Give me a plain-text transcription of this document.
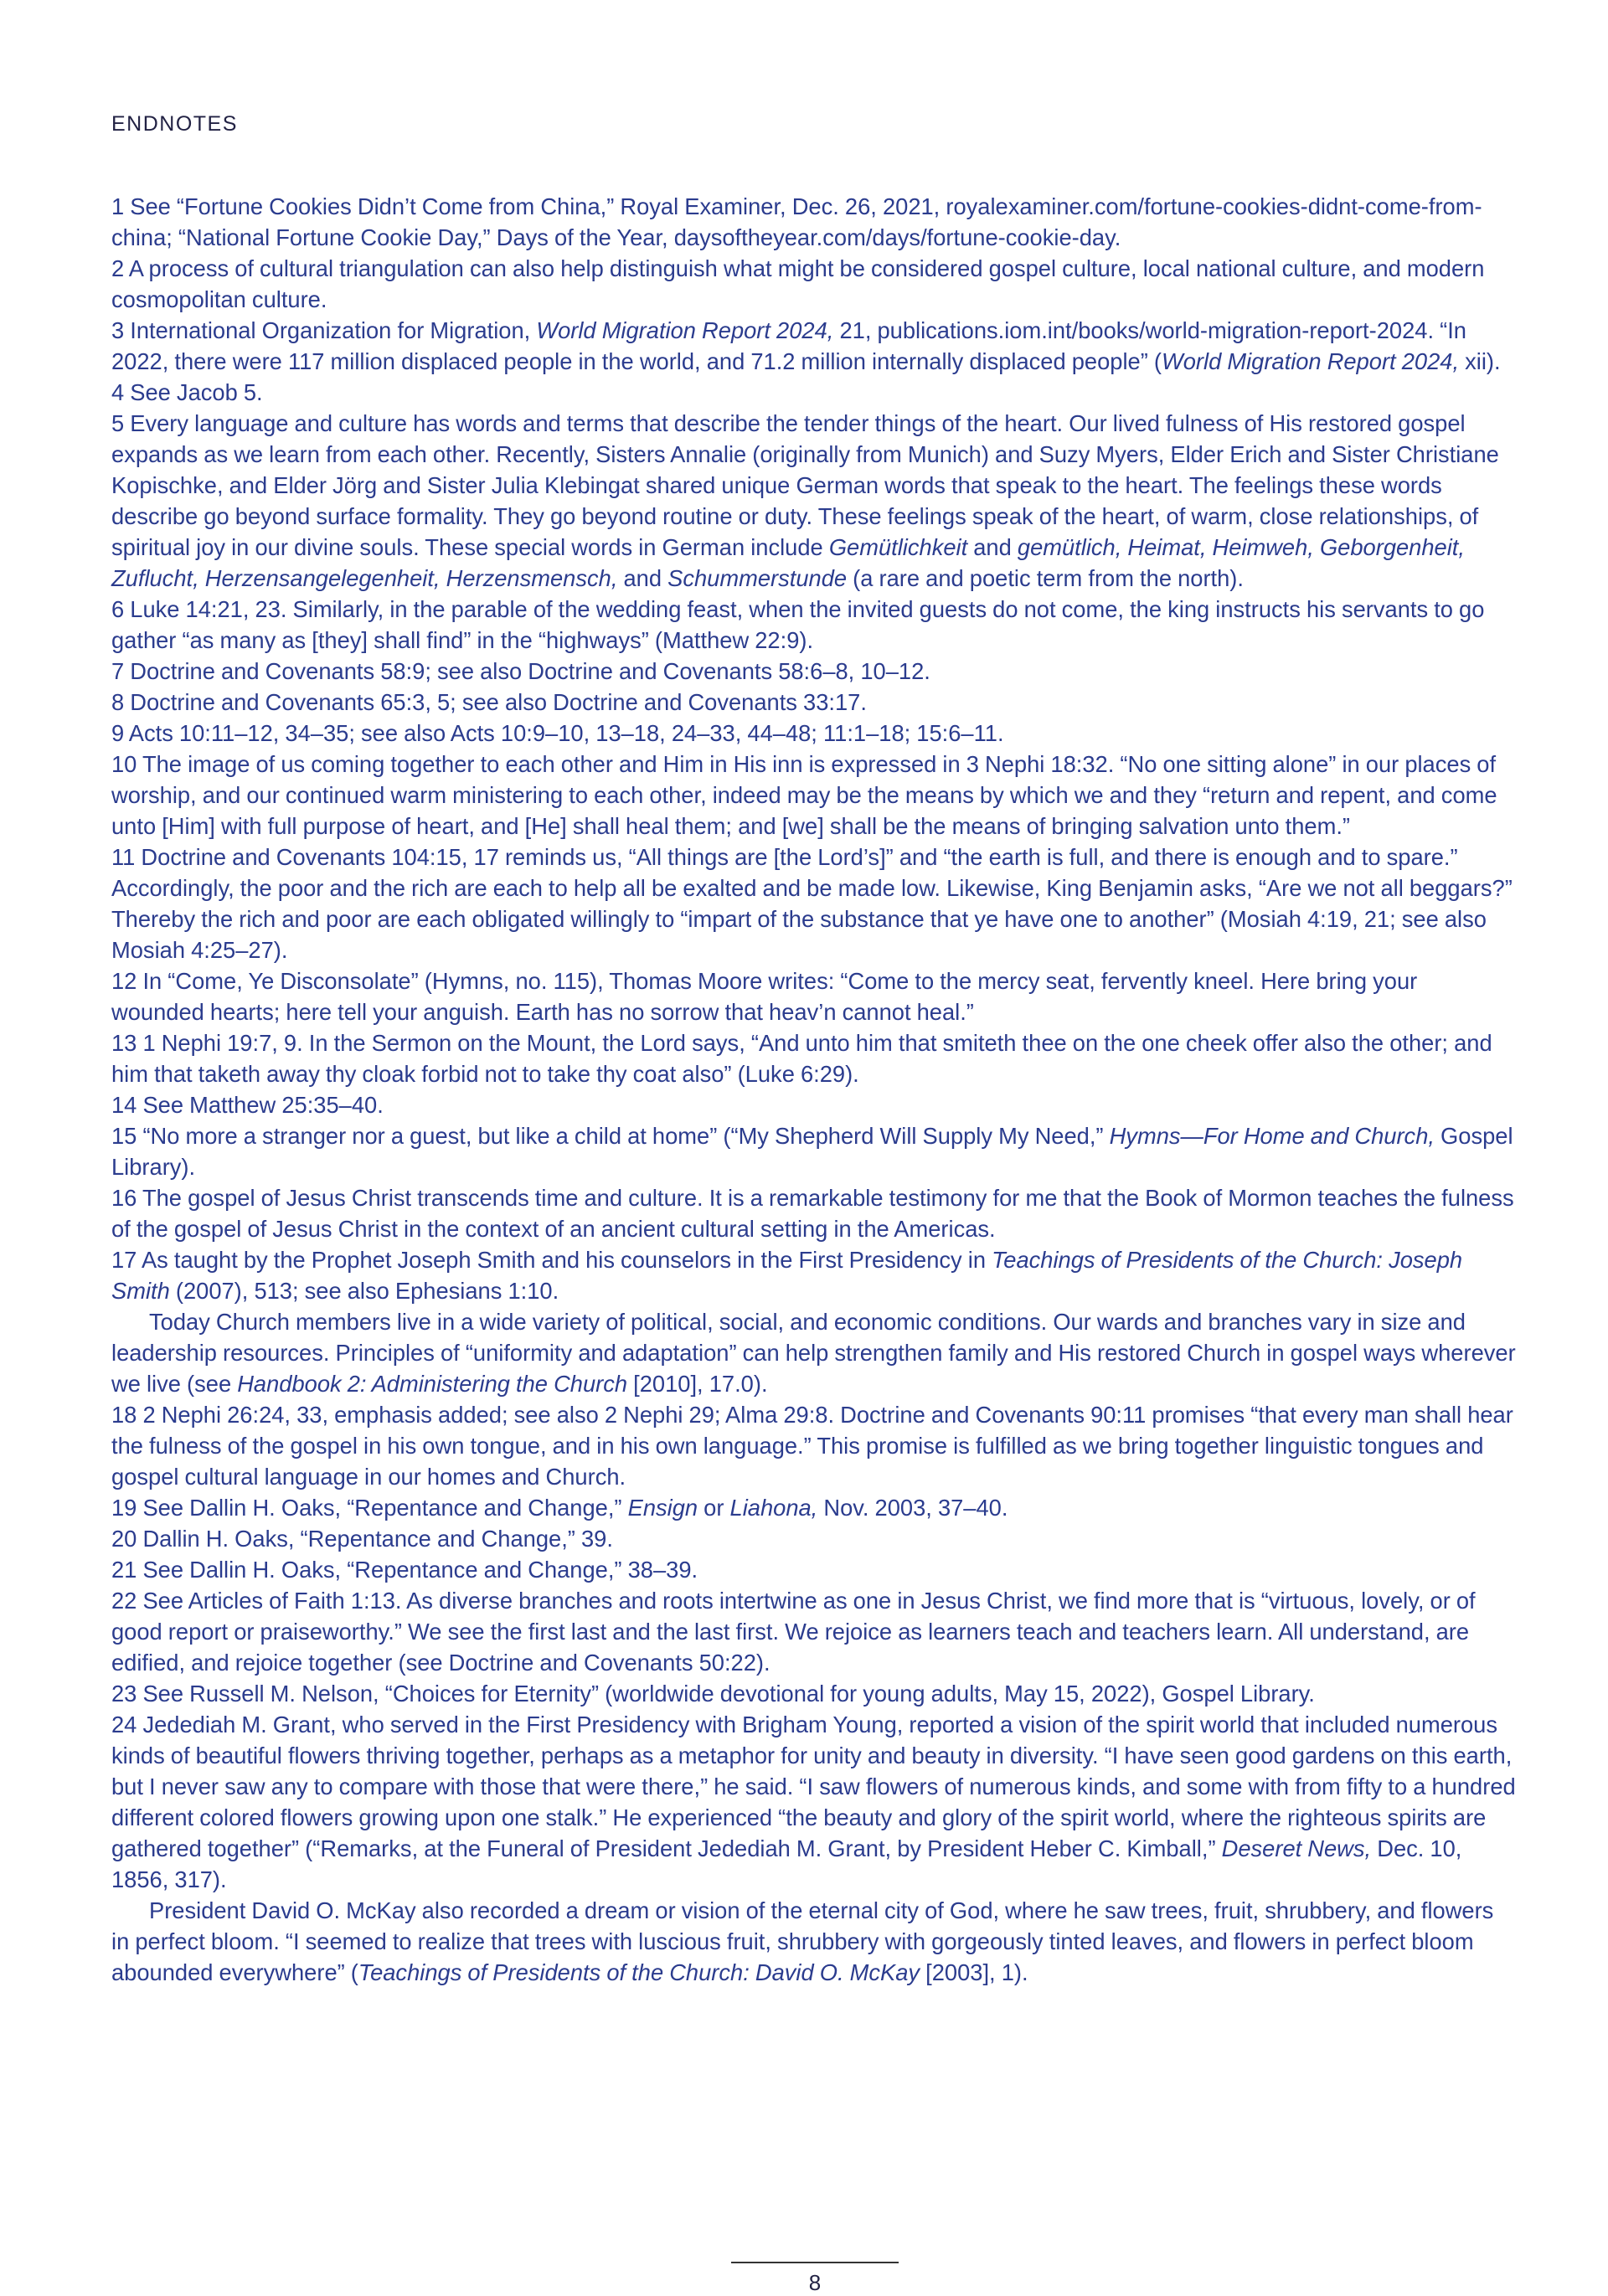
ENDNOTES

1 See “Fortune Cookies Didn’t Come from China,” Royal Examiner, Dec. 26, 2021, royalexaminer.com/fortune-cookies-didnt-come-from-china; “National Fortune Cookie Day,” Days of the Year, daysoftheyear.com/days/fortune-cookie-day.

2 A process of cultural triangulation can also help distinguish what might be considered gospel culture, local national culture, and modern cosmopolitan culture.

3 International Organization for Migration, World Migration Report 2024, 21, publications.iom.int/books/world-migration-report-2024. “In 2022, there were 117 million displaced people in the world, and 71.2 million internally displaced people” (World Migration Report 2024, xii).

4 See Jacob 5.

5 Every language and culture has words and terms that describe the tender things of the heart. Our lived fulness of His restored gospel expands as we learn from each other. Recently, Sisters Annalie (originally from Munich) and Suzy Myers, Elder Erich and Sister Christiane Kopischke, and Elder Jörg and Sister Julia Klebingat shared unique German words that speak to the heart. The feelings these words describe go beyond surface formality. They go beyond routine or duty. These feelings speak of the heart, of warm, close relationships, of spiritual joy in our divine souls. These special words in German include Gemütlichkeit and gemütlich, Heimat, Heimweh, Geborgenheit, Zuflucht, Herzensangelegenheit, Herzensmensch, and Schummerstunde (a rare and poetic term from the north).

6 Luke 14:21, 23. Similarly, in the parable of the wedding feast, when the invited guests do not come, the king instructs his servants to go gather “as many as [they] shall find” in the “highways” (Matthew 22:9).

7 Doctrine and Covenants 58:9; see also Doctrine and Covenants 58:6–8, 10–12.

8 Doctrine and Covenants 65:3, 5; see also Doctrine and Covenants 33:17.

9 Acts 10:11–12, 34–35; see also Acts 10:9–10, 13–18, 24–33, 44–48; 11:1–18; 15:6–11.

10 The image of us coming together to each other and Him in His inn is expressed in 3 Nephi 18:32. “No one sitting alone” in our places of worship, and our continued warm ministering to each other, indeed may be the means by which we and they “return and repent, and come unto [Him] with full purpose of heart, and [He] shall heal them; and [we] shall be the means of bringing salvation unto them.”

11 Doctrine and Covenants 104:15, 17 reminds us, “All things are [the Lord’s]” and “the earth is full, and there is enough and to spare.” Accordingly, the poor and the rich are each to help all be exalted and be made low. Likewise, King Benjamin asks, “Are we not all beggars?” Thereby the rich and poor are each obligated willingly to “impart of the substance that ye have one to another” (Mosiah 4:19, 21; see also Mosiah 4:25–27).

12 In “Come, Ye Disconsolate” (Hymns, no. 115), Thomas Moore writes: “Come to the mercy seat, fervently kneel. Here bring your wounded hearts; here tell your anguish. Earth has no sorrow that heav’n cannot heal.”

13 1 Nephi 19:7, 9. In the Sermon on the Mount, the Lord says, “And unto him that smiteth thee on the one cheek offer also the other; and him that taketh away thy cloak forbid not to take thy coat also” (Luke 6:29).

14 See Matthew 25:35–40.

15 “No more a stranger nor a guest, but like a child at home” (“My Shepherd Will Supply My Need,” Hymns—For Home and Church, Gospel Library).

16 The gospel of Jesus Christ transcends time and culture. It is a remarkable testimony for me that the Book of Mormon teaches the fulness of the gospel of Jesus Christ in the context of an ancient cultural setting in the Americas.

17 As taught by the Prophet Joseph Smith and his counselors in the First Presidency in Teachings of Presidents of the Church: Joseph Smith (2007), 513; see also Ephesians 1:10.

Today Church members live in a wide variety of political, social, and economic conditions. Our wards and branches vary in size and leadership resources. Principles of “uniformity and adaptation” can help strengthen family and His restored Church in gospel ways wherever we live (see Handbook 2: Administering the Church [2010], 17.0).

18 2 Nephi 26:24, 33, emphasis added; see also 2 Nephi 29; Alma 29:8. Doctrine and Covenants 90:11 promises “that every man shall hear the fulness of the gospel in his own tongue, and in his own language.” This promise is fulfilled as we bring together linguistic tongues and gospel cultural language in our homes and Church.

19 See Dallin H. Oaks, “Repentance and Change,” Ensign or Liahona, Nov. 2003, 37–40.

20 Dallin H. Oaks, “Repentance and Change,” 39.

21 See Dallin H. Oaks, “Repentance and Change,” 38–39.

22 See Articles of Faith 1:13. As diverse branches and roots intertwine as one in Jesus Christ, we find more that is “virtuous, lovely, or of good report or praiseworthy.” We see the first last and the last first. We rejoice as learners teach and teachers learn. All understand, are edified, and rejoice together (see Doctrine and Covenants 50:22).

23 See Russell M. Nelson, “Choices for Eternity” (worldwide devotional for young adults, May 15, 2022), Gospel Library.

24 Jedediah M. Grant, who served in the First Presidency with Brigham Young, reported a vision of the spirit world that included numerous kinds of beautiful flowers thriving together, perhaps as a metaphor for unity and beauty in diversity. “I have seen good gardens on this earth, but I never saw any to compare with those that were there,” he said. “I saw flowers of numerous kinds, and some with from fifty to a hundred different colored flowers growing upon one stalk.” He experienced “the beauty and glory of the spirit world, where the righteous spirits are gathered together” (“Remarks, at the Funeral of President Jedediah M. Grant, by President Heber C. Kimball,” Deseret News, Dec. 10, 1856, 317).

President David O. McKay also recorded a dream or vision of the eternal city of God, where he saw trees, fruit, shrubbery, and flowers in perfect bloom. “I seemed to realize that trees with luscious fruit, shrubbery with gorgeously tinted leaves, and flowers in perfect bloom abounded everywhere” (Teachings of Presidents of the Church: David O. McKay [2003], 1).

8
